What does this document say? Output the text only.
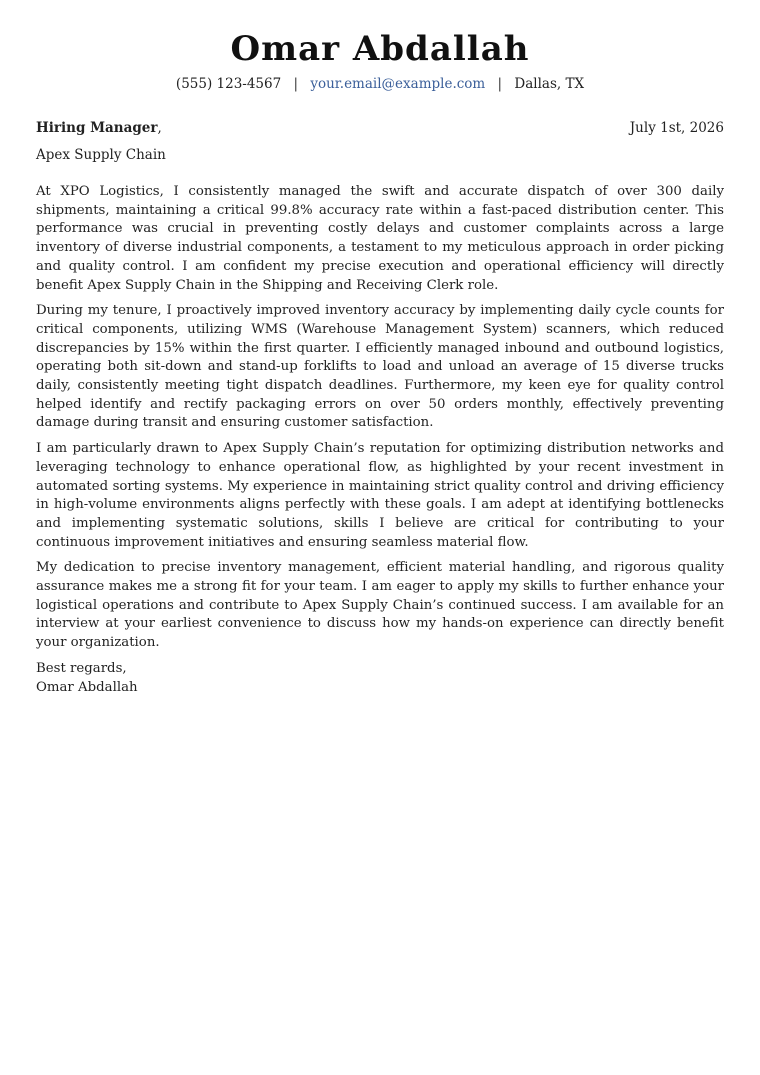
Omar Abdallah
(555) 123-4567 | your.email@example.com | Dallas, TX
Hiring Manager,	July 1st, 2026
Apex Supply Chain

At XPO Logistics, I consistently managed the swift and accurate dispatch of over 300 daily shipments, maintaining a critical 99.8% accuracy rate within a fast-paced distribution center. This performance was crucial in preventing costly delays and customer complaints across a large inventory of diverse industrial components, a testament to my meticulous approach in order picking and quality control. I am confident my precise execution and operational efficiency will directly benefit Apex Supply Chain in the Shipping and Receiving Clerk role.

During my tenure, I proactively improved inventory accuracy by implementing daily cycle counts for critical components, utilizing WMS (Warehouse Management System) scanners, which reduced discrepancies by 15% within the first quarter. I efficiently managed inbound and outbound logistics, operating both sit-down and stand-up forklifts to load and unload an average of 15 diverse trucks daily, consistently meeting tight dispatch deadlines. Furthermore, my keen eye for quality control helped identify and rectify packaging errors on over 50 orders monthly, effectively preventing damage during transit and ensuring customer satisfaction.

I am particularly drawn to Apex Supply Chain’s reputation for optimizing distribution networks and leveraging technology to enhance operational flow, as highlighted by your recent investment in automated sorting systems. My experience in maintaining strict quality control and driving efficiency in high-volume environments aligns perfectly with these goals. I am adept at identifying bottlenecks and implementing systematic solutions, skills I believe are critical for contributing to your continuous improvement initiatives and ensuring seamless material flow.

My dedication to precise inventory management, efficient material handling, and rigorous quality assurance makes me a strong fit for your team. I am eager to apply my skills to further enhance your logistical operations and contribute to Apex Supply Chain’s continued success. I am available for an interview at your earliest convenience to discuss how my hands-on experience can directly benefit your organization.

Best regards,
Omar Abdallah
